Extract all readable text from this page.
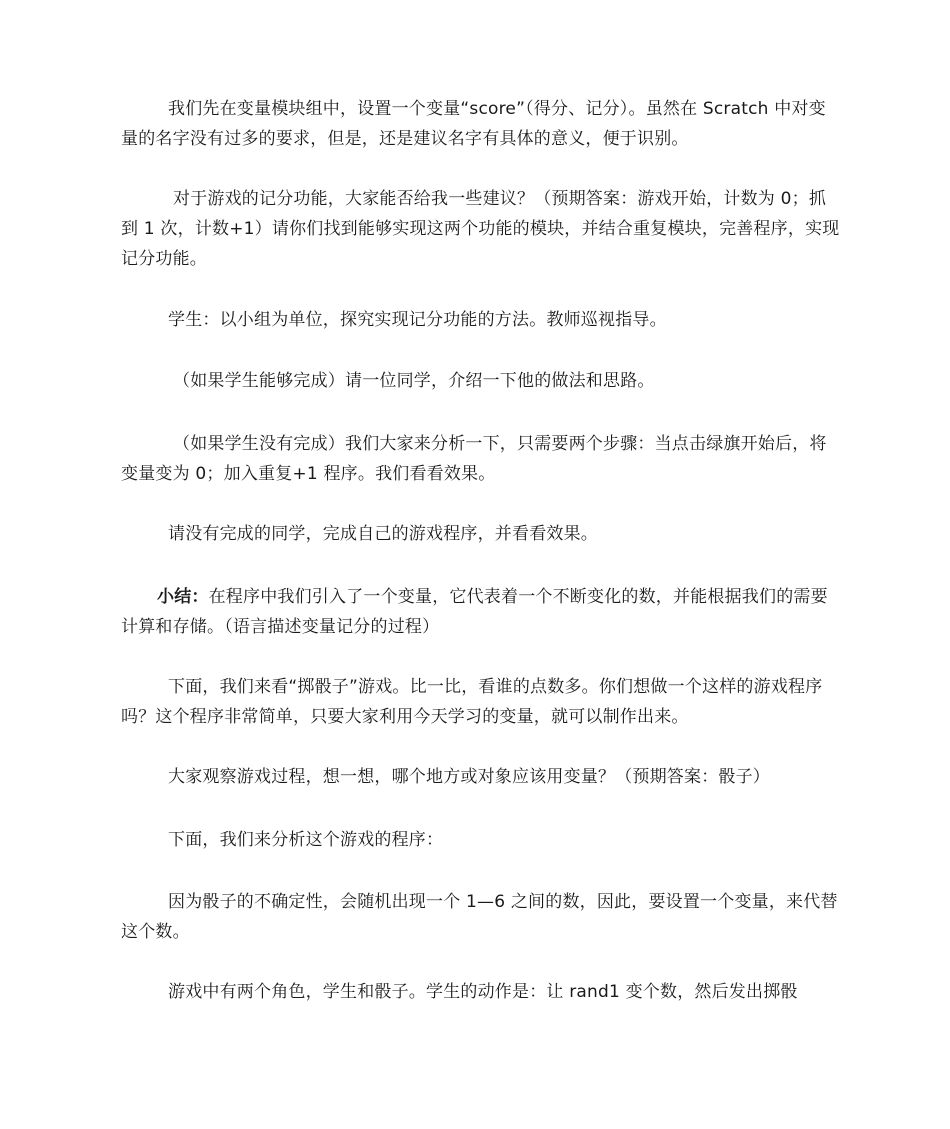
我们先在变量模块组中，设置一个变量“score”（得分、记分）。虽然在 Scratch 中对变量的名字没有过多的要求，但是，还是建议名字有具体的意义，便于识别。

对于游戏的记分功能，大家能否给我一些建议？（预期答案：游戏开始，计数为 0；抓到 1 次，计数+1）请你们找到能够实现这两个功能的模块，并结合重复模块，完善程序，实现记分功能。

学生：以小组为单位，探究实现记分功能的方法。教师巡视指导。

（如果学生能够完成）请一位同学，介绍一下他的做法和思路。

（如果学生没有完成）我们大家来分析一下，只需要两个步骤：当点击绿旗开始后，将变量变为 0；加入重复+1 程序。我们看看效果。

请没有完成的同学，完成自己的游戏程序，并看看效果。

小结：在程序中我们引入了一个变量，它代表着一个不断变化的数，并能根据我们的需要计算和存储。（语言描述变量记分的过程）

下面，我们来看“掷骰子”游戏。比一比，看谁的点数多。你们想做一个这样的游戏程序吗？这个程序非常简单，只要大家利用今天学习的变量，就可以制作出来。

大家观察游戏过程，想一想，哪个地方或对象应该用变量？（预期答案：骰子）

下面，我们来分析这个游戏的程序：

因为骰子的不确定性，会随机出现一个 1—6 之间的数，因此，要设置一个变量，来代替这个数。

游戏中有两个角色，学生和骰子。学生的动作是：让 rand1 变个数，然后发出掷骰
